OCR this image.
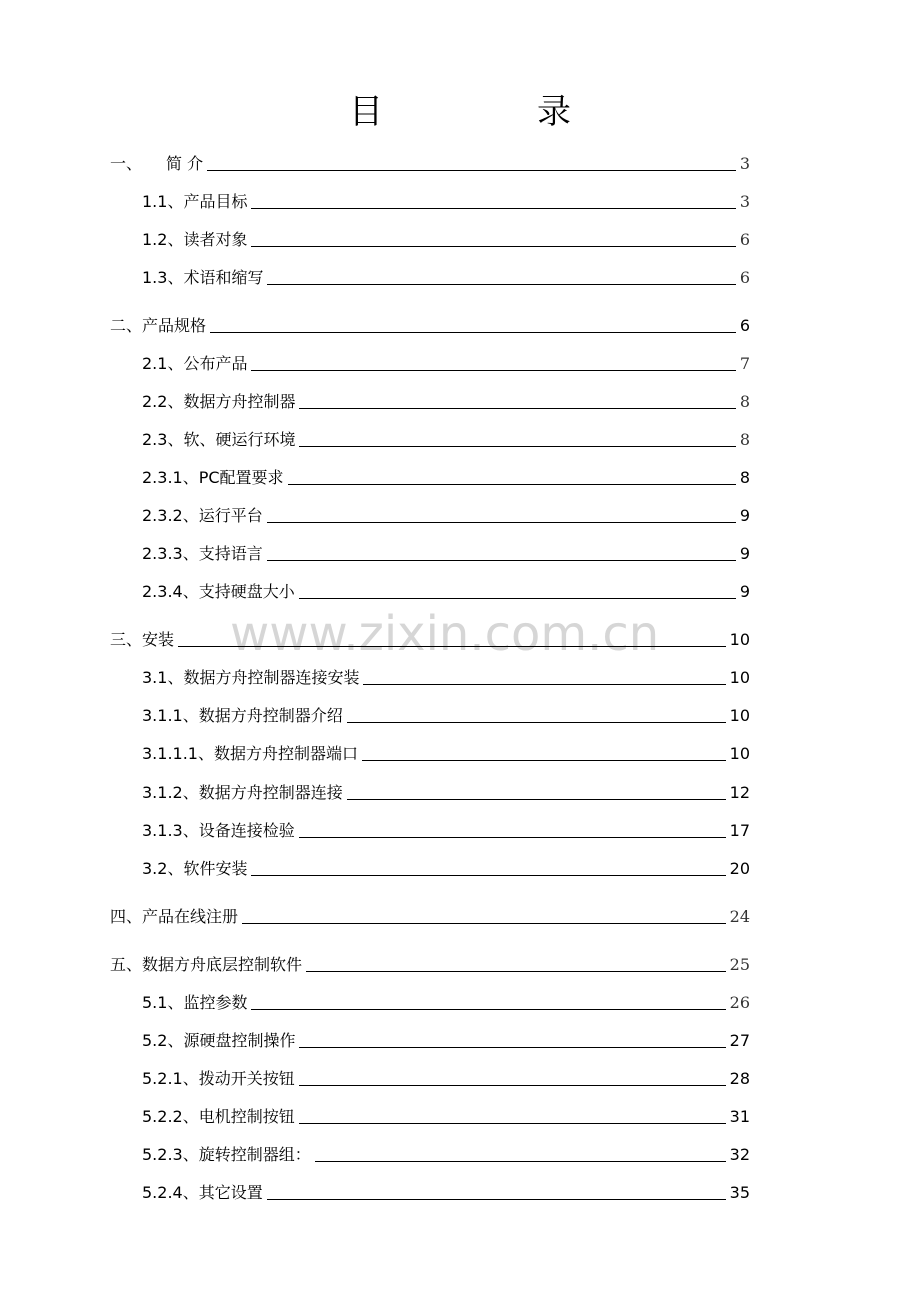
目　录
www.zixin.com.cn
一、　　简 介	3
1.1、产品目标	3
1.2、读者对象	6
1.3、术语和缩写	6
二、产品规格	6
2.1、公布产品	7
2.2、数据方舟控制器	8
2.3、软、硬运行环境	8
2.3.1、PC配置要求	8
2.3.2、运行平台	9
2.3.3、支持语言	9
2.3.4、支持硬盘大小	9
三、安装	10
3.1、数据方舟控制器连接安装	10
3.1.1、数据方舟控制器介绍	10
3.1.1.1、数据方舟控制器端口	10
3.1.2、数据方舟控制器连接	12
3.1.3、设备连接检验	17
3.2、软件安装	20
四、产品在线注册	24
五、数据方舟底层控制软件	25
5.1、监控参数	26
5.2、源硬盘控制操作	27
5.2.1、拨动开关按钮	28
5.2.2、电机控制按钮	31
5.2.3、旋转控制器组：	32
5.2.4、其它设置	35
